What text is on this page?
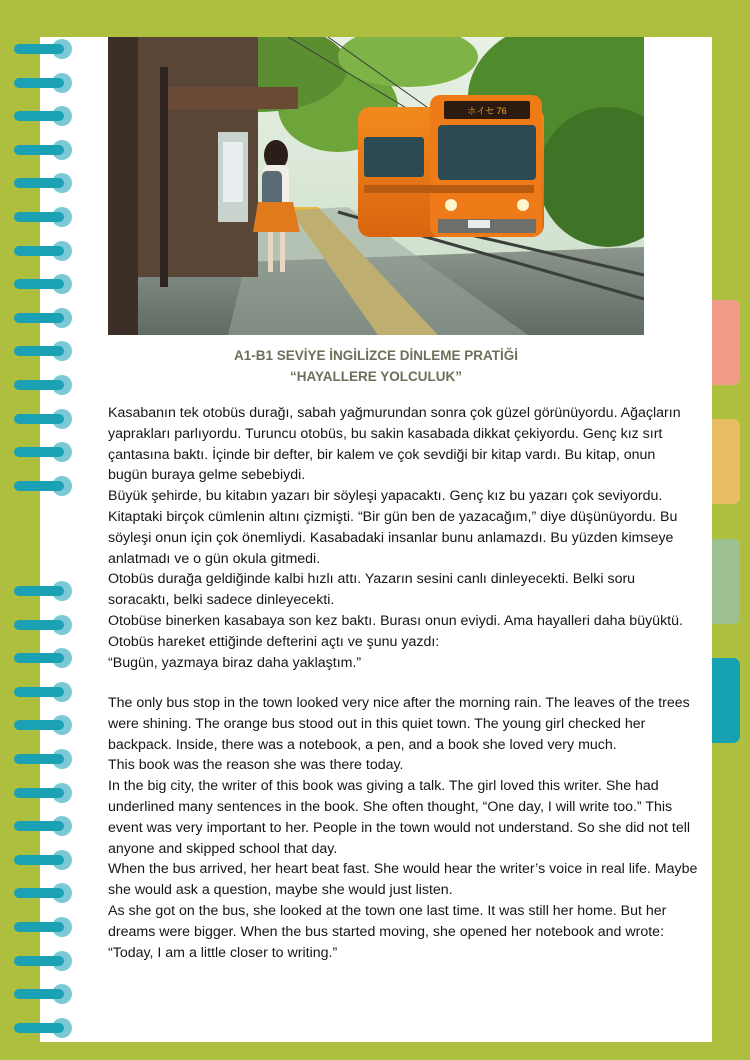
ホイセ 76
A1-B1 SEVİYE İNGİLİZCE DİNLEME PRATİĞİ
“HAYALLERE YOLCULUK”

Kasabanın tek otobüs durağı, sabah yağmurundan sonra çok güzel görünüyordu. Ağaçların yaprakları parlıyordu. Turuncu otobüs, bu sakin kasabada dikkat çekiyordu. Genç kız sırt çantasına baktı. İçinde bir defter, bir kalem ve çok sevdiği bir kitap vardı. Bu kitap, onun bugün buraya gelme sebebiydi.

Büyük şehirde, bu kitabın yazarı bir söyleşi yapacaktı. Genç kız bu yazarı çok seviyordu. Kitaptaki birçok cümlenin altını çizmişti. “Bir gün ben de yazacağım,” diye düşünüyordu. Bu söyleşi onun için çok önemliydi. Kasabadaki insanlar bunu anlamazdı. Bu yüzden kimseye anlatmadı ve o gün okula gitmedi.

Otobüs durağa geldiğinde kalbi hızlı attı. Yazarın sesini canlı dinleyecekti. Belki soru soracaktı, belki sadece dinleyecekti.

Otobüse binerken kasabaya son kez baktı. Burası onun eviydi. Ama hayalleri daha büyüktü. Otobüs hareket ettiğinde defterini açtı ve şunu yazdı:

“Bugün, yazmaya biraz daha yaklaştım.”

The only bus stop in the town looked very nice after the morning rain. The leaves of the trees were shining. The orange bus stood out in this quiet town. The young girl checked her backpack. Inside, there was a notebook, a pen, and a book she loved very much.

This book was the reason she was there today.

In the big city, the writer of this book was giving a talk. The girl loved this writer. She had underlined many sentences in the book. She often thought, “One day, I will write too.” This event was very important to her. People in the town would not understand. So she did not tell anyone and skipped school that day.

When the bus arrived, her heart beat fast. She would hear the writer’s voice in real life. Maybe she would ask a question, maybe she would just listen.

As she got on the bus, she looked at the town one last time. It was still her home. But her dreams were bigger. When the bus started moving, she opened her notebook and wrote:

“Today, I am a little closer to writing.”
